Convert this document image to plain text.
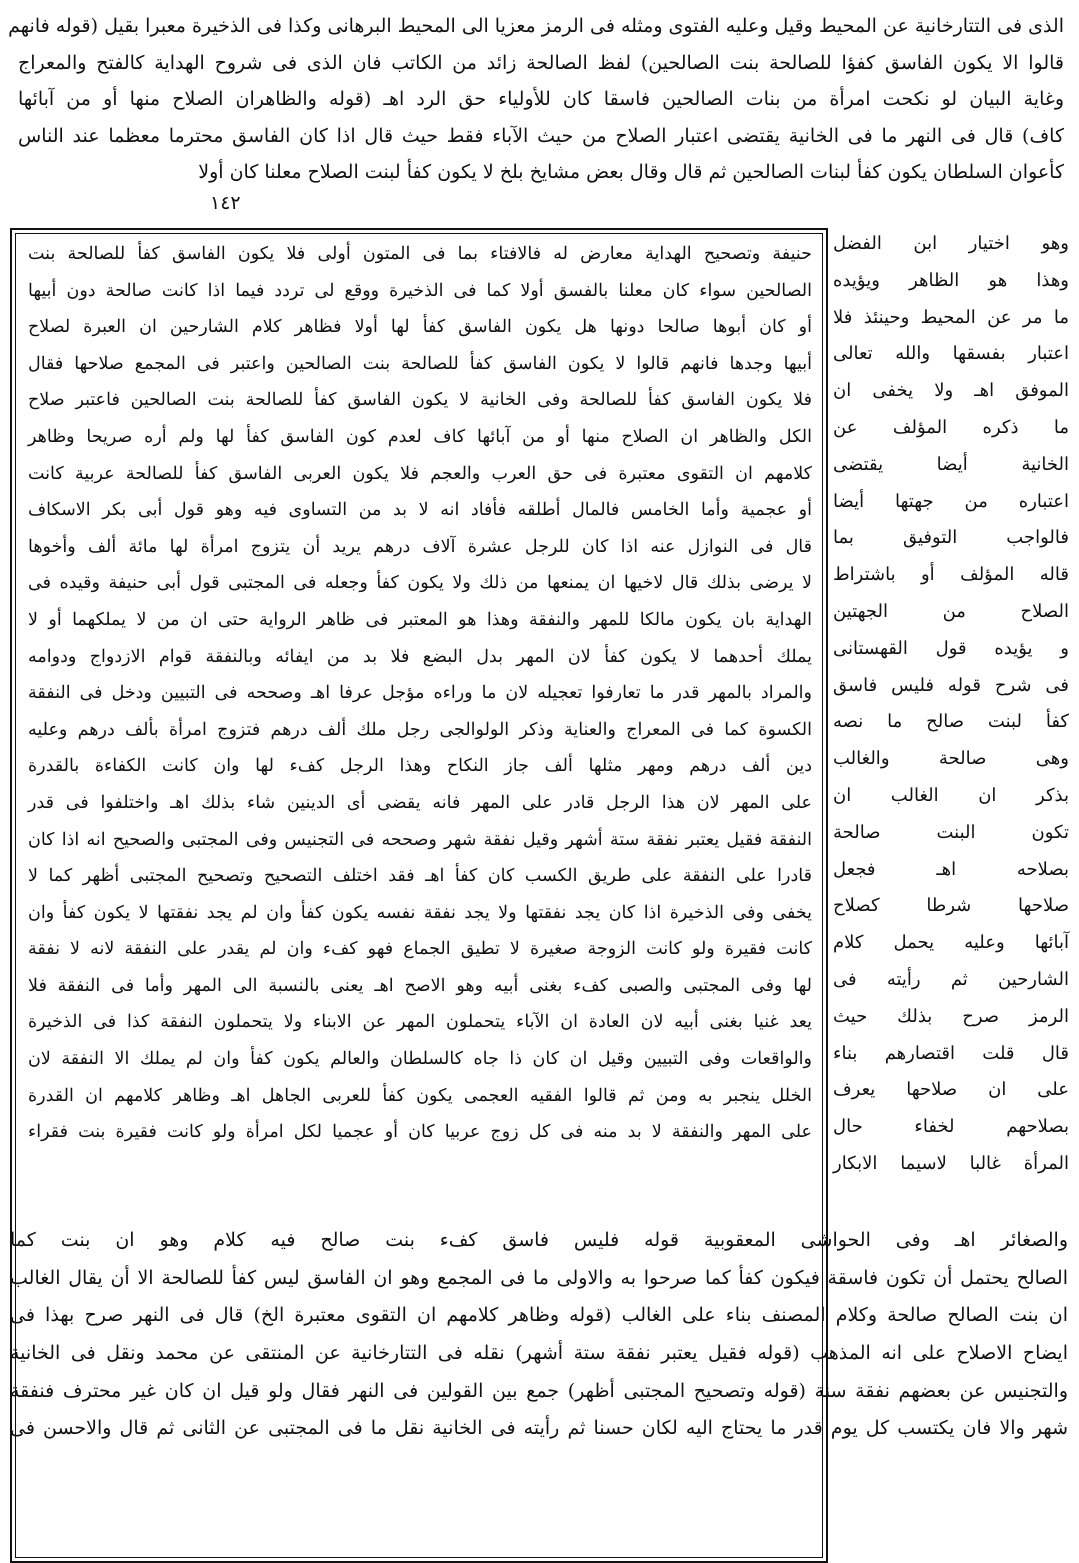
الذى فى التتارخانية عن المحيط وقيل وعليه الفتوى ومثله فى الرمز معزيا الى المحيط البرهانى وكذا فى الذخيرة معبرا بقيل (قوله فانهم
قالوا الا يكون الفاسق كفؤا للصالحة بنت الصالحين) لفظ الصالحة زائد من الكاتب فان الذى فى شروح الهداية كالفتح والمعراج
وغاية البيان لو نكحت امرأة من بنات الصالحين فاسقا كان للأولياء حق الرد اهـ (قوله والظاهران الصلاح منها أو من آبائها
كاف) قال فى النهر ما فى الخانية يقتضى اعتبار الصلاح من حيث الآباء فقط حيث قال اذا كان الفاسق محترما معظما عند الناس
كأعوان السلطان يكون كفأ لبنات الصالحين ثم قال وقال بعض مشايخ بلخ لا يكون كفأ لبنت الصلاح معلنا كان أولا
١٤٢
وهو اختيار ابن الفضل
وهذا هو الظاهر ويؤيده
ما مر عن المحيط وحينئذ فلا
اعتبار بفسقها والله تعالى
الموفق اهـ ولا يخفى ان
ما ذكره المؤلف عن
الخانية أيضا يقتضى
اعتباره من جهتها أيضا
فالواجب التوفيق بما
قاله المؤلف أو باشتراط
الصلاح من الجهتين
و يؤيده قول القهستانى
فى شرح قوله فليس فاسق
كفأ لبنت صالح ما نصه
وهى صالحة والغالب
بذكر ان الغالب ان
تكون البنت صالحة
بصلاحه اهـ فجعل
صلاحها شرطا كصلاح
آبائها وعليه يحمل كلام
الشارحين ثم رأيته فى
الرمز صرح بذلك حيث
قال قلت اقتصارهم بناء
على ان صلاحها يعرف
بصلاحهم لخفاء حال
المرأة غالبا لاسيما الابكار
حنيفة وتصحيح الهداية معارض له فالافتاء بما فى المتون أولى فلا يكون الفاسق كفأ للصالحة بنت
الصالحين سواء كان معلنا بالفسق أولا كما فى الذخيرة ووقع لى تردد فيما اذا كانت صالحة دون أبيها
أو كان أبوها صالحا دونها هل يكون الفاسق كفأ لها أولا فظاهر كلام الشارحين ان العبرة لصلاح
أبيها وجدها فانهم قالوا لا يكون الفاسق كفأ للصالحة بنت الصالحين واعتبر فى المجمع صلاحها فقال
فلا يكون الفاسق كفأ للصالحة وفى الخانية لا يكون الفاسق كفأ للصالحة بنت الصالحين فاعتبر صلاح
الكل والظاهر ان الصلاح منها أو من آبائها كاف لعدم كون الفاسق كفأ لها ولم أره صريحا وظاهر
كلامهم ان التقوى معتبرة فى حق العرب والعجم فلا يكون العربى الفاسق كفأ للصالحة عربية كانت
أو عجمية وأما الخامس فالمال أطلقه فأفاد انه لا بد من التساوى فيه وهو قول أبى بكر الاسكاف
قال فى النوازل عنه اذا كان للرجل عشرة آلاف درهم يريد أن يتزوج امرأة لها مائة ألف وأخوها
لا يرضى بذلك قال لاخيها ان يمنعها من ذلك ولا يكون كفأ وجعله فى المجتبى قول أبى حنيفة وقيده فى
الهداية بان يكون مالكا للمهر والنفقة وهذا هو المعتبر فى ظاهر الرواية حتى ان من لا يملكهما أو لا
يملك أحدهما لا يكون كفأ لان المهر بدل البضع فلا بد من ايفائه وبالنفقة قوام الازدواج ودوامه
والمراد بالمهر قدر ما تعارفوا تعجيله لان ما وراءه مؤجل عرفا اهـ وصححه فى التبيين ودخل فى النفقة
الكسوة كما فى المعراج والعناية وذكر الولوالجى رجل ملك ألف درهم فتزوج امرأة بألف درهم وعليه
دين ألف درهم ومهر مثلها ألف جاز النكاح وهذا الرجل كفء لها وان كانت الكفاءة بالقدرة
على المهر لان هذا الرجل قادر على المهر فانه يقضى أى الدينين شاء بذلك اهـ واختلفوا فى قدر
النفقة فقيل يعتبر نفقة ستة أشهر وقيل نفقة شهر وصححه فى التجنيس وفى المجتبى والصحيح انه اذا كان
قادرا على النفقة على طريق الكسب كان كفأ اهـ فقد اختلف التصحيح وتصحيح المجتبى أظهر كما لا
يخفى وفى الذخيرة اذا كان يجد نفقتها ولا يجد نفقة نفسه يكون كفأ وان لم يجد نفقتها لا يكون كفأ وان
كانت فقيرة ولو كانت الزوجة صغيرة لا تطيق الجماع فهو كفء وان لم يقدر على النفقة لانه لا نفقة
لها وفى المجتبى والصبى كفء بغنى أبيه وهو الاصح اهـ يعنى بالنسبة الى المهر وأما فى النفقة فلا
يعد غنيا بغنى أبيه لان العادة ان الآباء يتحملون المهر عن الابناء ولا يتحملون النفقة كذا فى الذخيرة
والواقعات وفى التبيين وقيل ان كان ذا جاه كالسلطان والعالم يكون كفأ وان لم يملك الا النفقة لان
الخلل ينجبر به ومن ثم قالوا الفقيه العجمى يكون كفأ للعربى الجاهل اهـ وظاهر كلامهم ان القدرة
على المهر والنفقة لا بد منه فى كل زوج عربيا كان أو عجميا لكل امرأة ولو كانت فقيرة بنت فقراء
والصغائر اهـ وفى الحواشى المعقوبية قوله فليس فاسق كفء بنت صالح فيه كلام وهو ان بنت كما
الصالح يحتمل أن تكون فاسقة فيكون كفأ كما صرحوا به والاولى ما فى المجمع وهو ان الفاسق ليس كفأ للصالحة الا أن يقال الغالب
ان بنت الصالح صالحة وكلام المصنف بناء على الغالب (قوله وظاهر كلامهم ان التقوى معتبرة الخ) قال فى النهر صرح بهذا فى
ايضاح الاصلاح على انه المذهب (قوله فقيل يعتبر نفقة ستة أشهر) نقله فى التتارخانية عن المنتقى عن محمد ونقل فى الخانية
والتجنيس عن بعضهم نفقة سنة (قوله وتصحيح المجتبى أظهر) جمع بين القولين فى النهر فقال ولو قيل ان كان غير محترف فنفقة
شهر والا فان يكتسب كل يوم قدر ما يحتاج اليه لكان حسنا ثم رأيته فى الخانية نقل ما فى المجتبى عن الثانى ثم قال والاحسن فى
